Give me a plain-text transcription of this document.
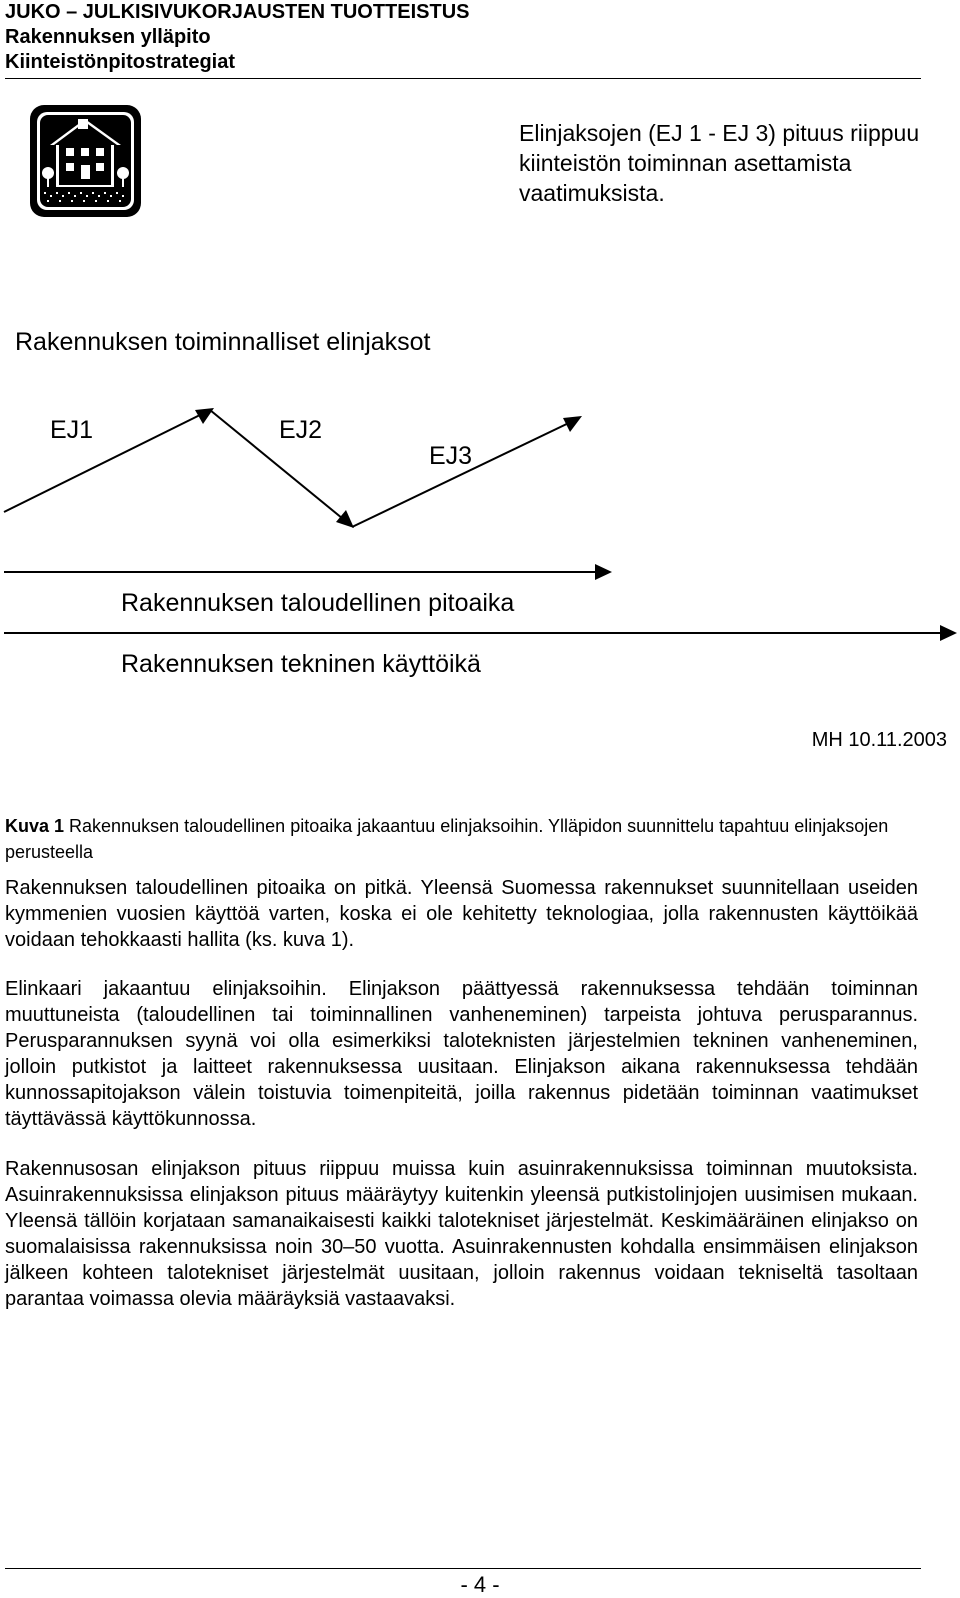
JUKO – JULKISIVUKORJAUSTEN TUOTTEISTUS
Rakennuksen ylläpito
Kiinteistönpitostrategiat
Elinjaksojen (EJ 1 - EJ 3) pituus riippuu kiinteistön toiminnan asettamista vaatimuksista.
Rakennuksen toiminnalliset elinjaksot
EJ1	EJ2
EJ3
Rakennuksen taloudellinen pitoaika
Rakennuksen tekninen käyttöikä
MH 10.11.2003
Kuva 1 Rakennuksen taloudellinen pitoaika jakaantuu elinjaksoihin. Ylläpidon suunnittelu tapahtuu elinjaksojen perusteella
Rakennuksen taloudellinen pitoaika on pitkä. Yleensä Suomessa rakennukset suunnitellaan useiden kymmenien vuosien käyttöä varten, koska ei ole kehitetty teknologiaa, jolla rakennusten käyttöikää voidaan tehokkaasti hallita (ks. kuva 1).
Elinkaari jakaantuu elinjaksoihin. Elinjakson päättyessä rakennuksessa tehdään toiminnan muuttuneista (taloudellinen tai toiminnallinen vanheneminen) tarpeista johtuva perusparannus. Perusparannuksen syynä voi olla esimerkiksi taloteknisten järjestelmien tekninen vanheneminen, jolloin putkistot ja laitteet rakennuksessa uusitaan. Elinjakson aikana rakennuksessa tehdään kunnossapitojakson välein toistuvia toimenpiteitä, joilla rakennus pidetään toiminnan vaatimukset täyttävässä käyttökunnossa.
Rakennusosan elinjakson pituus riippuu muissa kuin asuinrakennuksissa toiminnan muutoksista. Asuinrakennuksissa elinjakson pituus määräytyy kuitenkin yleensä putkistolinjojen uusimisen mukaan. Yleensä tällöin korjataan samanaikaisesti kaikki talotekniset järjestelmät. Keskimääräinen elinjakso on suomalaisissa rakennuksissa noin 30–50 vuotta. Asuinrakennusten kohdalla ensimmäisen elinjakson jälkeen kohteen talotekniset järjestelmät uusitaan, jolloin rakennus voidaan tekniseltä tasoltaan parantaa voimassa olevia määräyksiä vastaavaksi.
- 4 -
